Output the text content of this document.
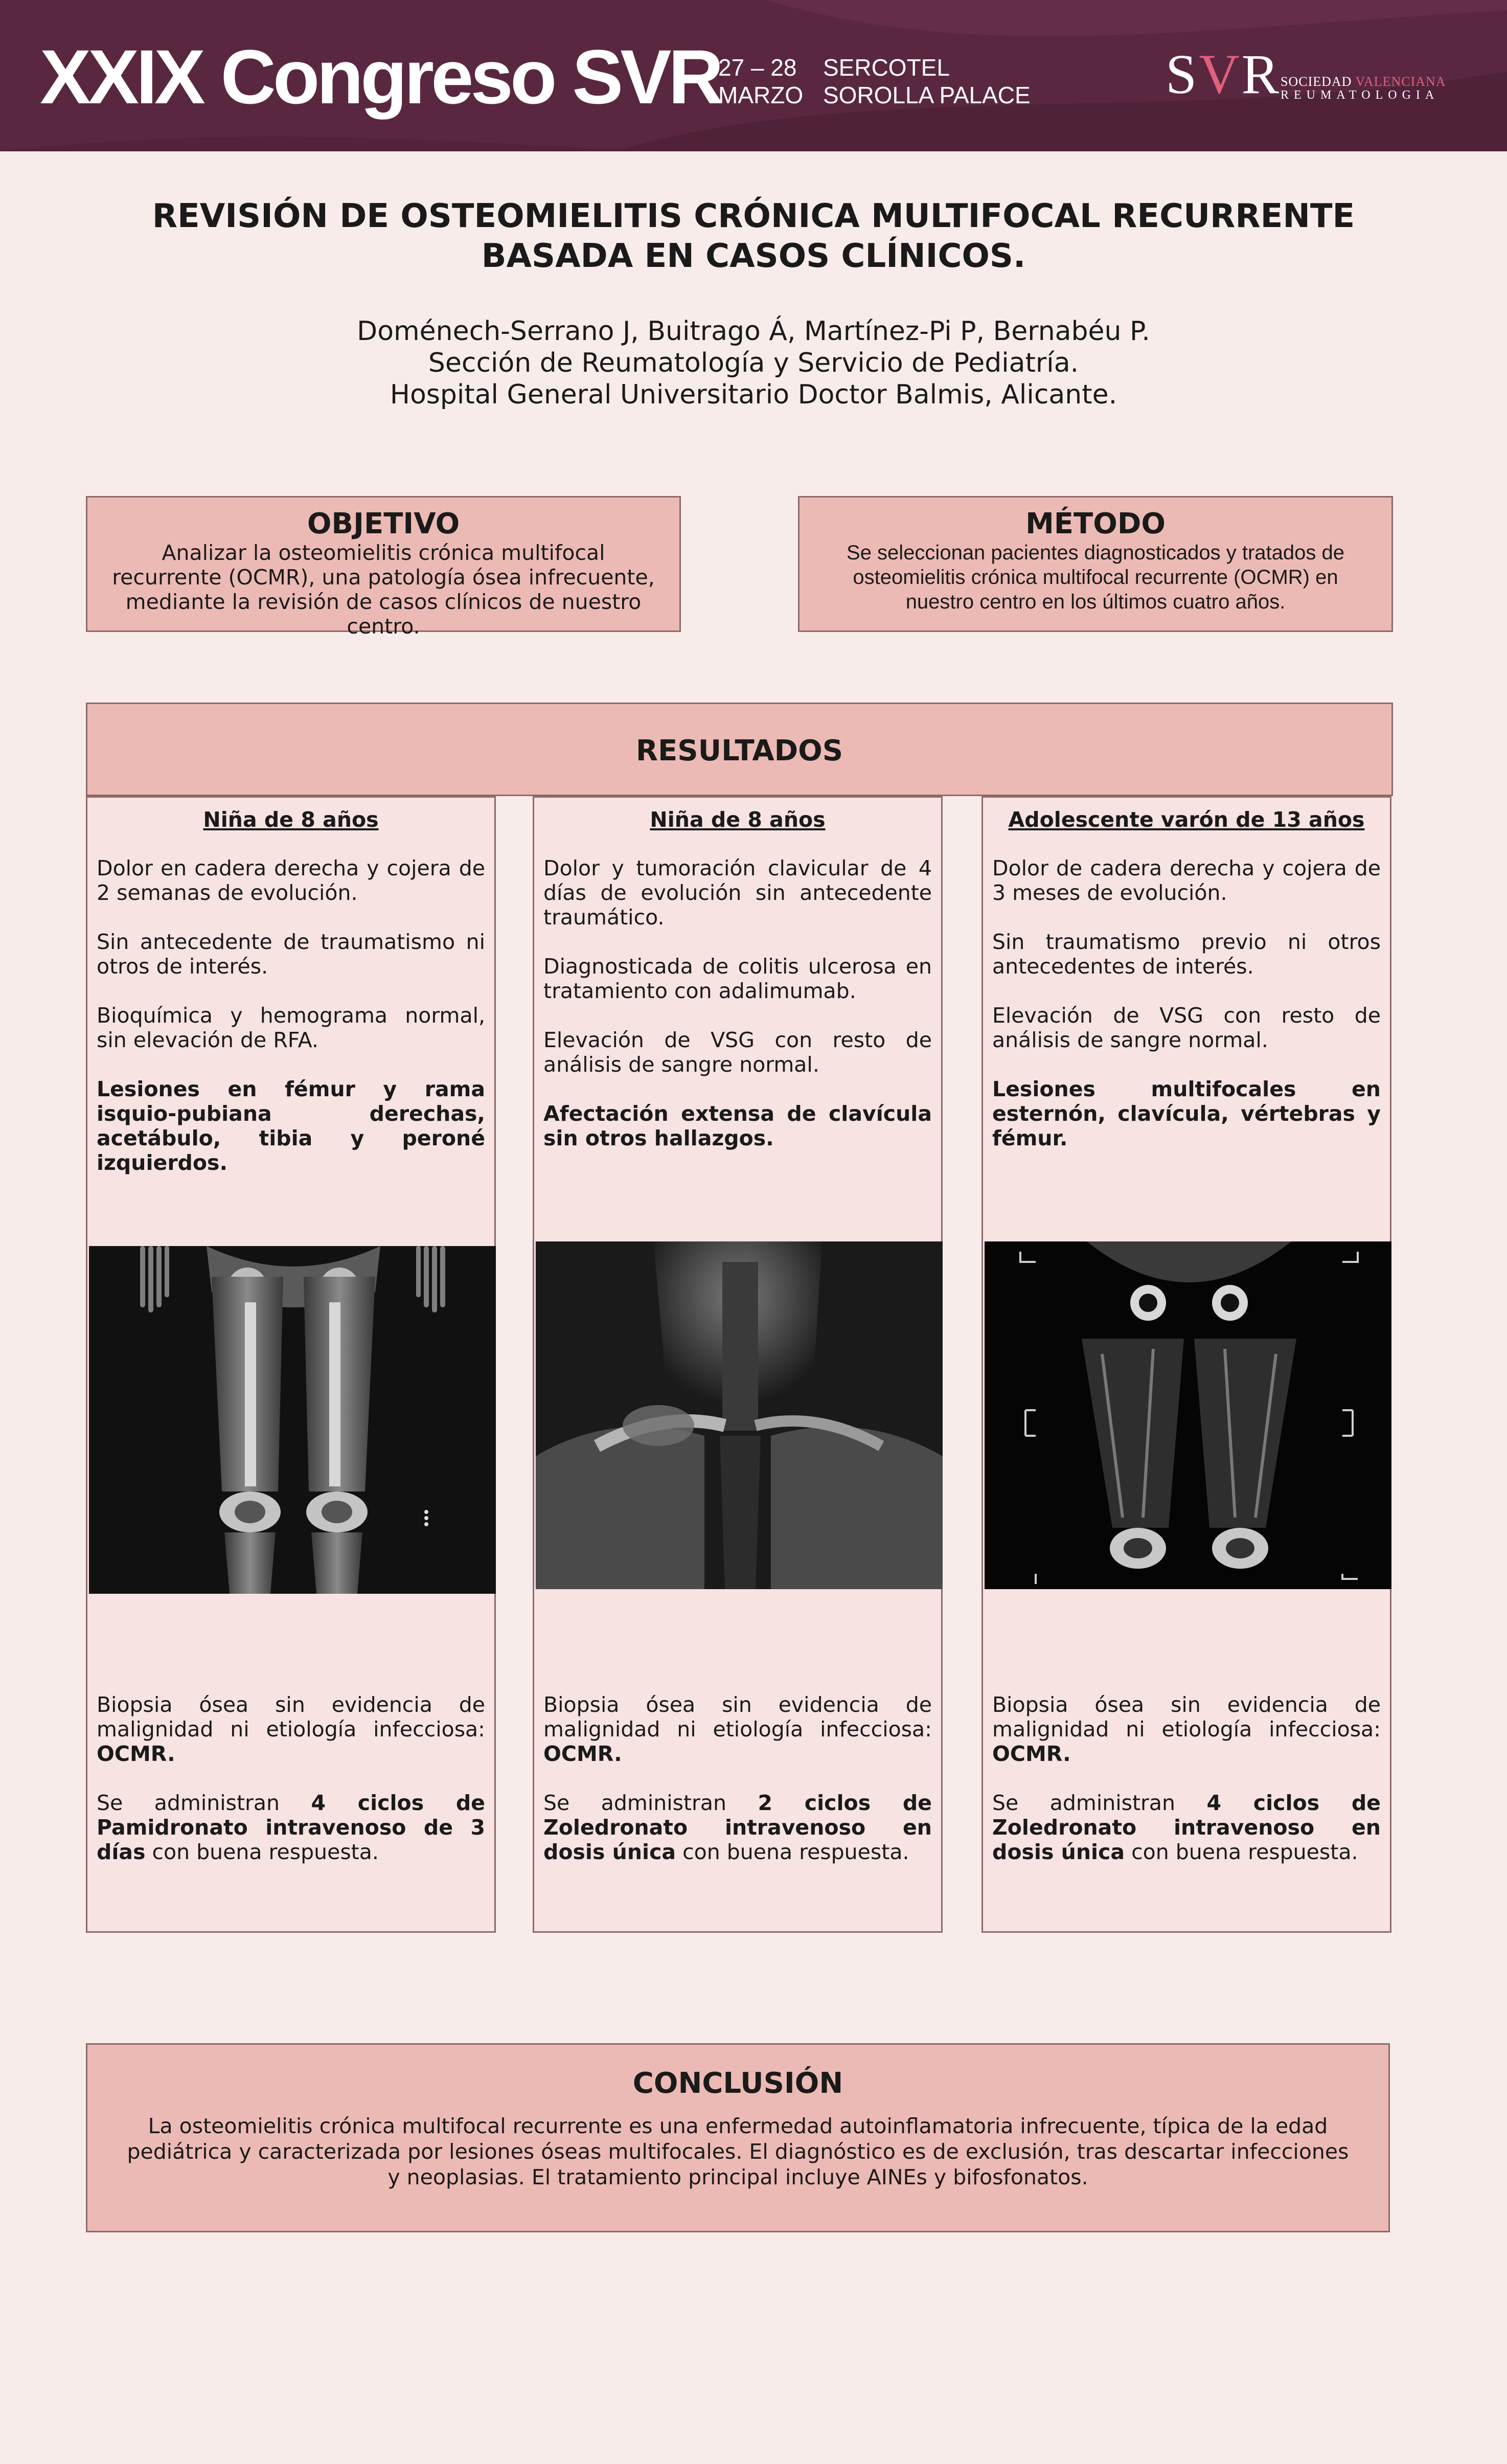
XXIX Congreso SVR
27 – 28
MARZO
SERCOTEL
SOROLLA PALACE SVR
SOCIEDAD VALENCIANA
REUMATOLOGIA
REVISIÓN DE OSTEOMIELITIS CRÓNICA MULTIFOCAL RECURRENTE BASADA EN CASOS CLÍNICOS.
Doménech-Serrano J, Buitrago Á, Martínez-Pi P, Bernabéu P.
Sección de Reumatología y Servicio de Pediatría.
Hospital General Universitario Doctor Balmis, Alicante.
OBJETIVO
Analizar la osteomielitis crónica multifocal recurrente (OCMR), una patología ósea infrecuente, mediante la revisión de casos clínicos de nuestro centro.
MÉTODO
Se seleccionan pacientes diagnosticados y tratados de osteomielitis crónica multifocal recurrente (OCMR) en nuestro centro en los últimos cuatro años.
RESULTADOS
Niña de 8 años

Dolor en cadera derecha y cojera de 2 semanas de evolución.

Sin antecedente de traumatismo ni otros de interés.

Bioquímica y hemograma normal, sin elevación de RFA.

Lesiones en fémur y rama isquio-pubiana derechas, acetábulo, tibia y peroné izquierdos.

Biopsia ósea sin evidencia de malignidad ni etiología infecciosa: OCMR.

Se administran 4 ciclos de Pamidronato intravenoso de 3 días con buena respuesta.

Niña de 8 años

Dolor y tumoración clavicular de 4 días de evolución sin antecedente traumático.

Diagnosticada de colitis ulcerosa en tratamiento con adalimumab.

Elevación de VSG con resto de análisis de sangre normal.

Afectación extensa de clavícula sin otros hallazgos.

Biopsia ósea sin evidencia de malignidad ni etiología infecciosa: OCMR.

Se administran 2 ciclos de Zoledronato intravenoso en dosis única con buena respuesta.

Adolescente varón de 13 años

Dolor de cadera derecha y cojera de 3 meses de evolución.

Sin traumatismo previo ni otros antecedentes de interés.

Elevación de VSG con resto de análisis de sangre normal.

Lesiones multifocales en esternón, clavícula, vértebras y fémur.

Biopsia ósea sin evidencia de malignidad ni etiología infecciosa: OCMR.

Se administran 4 ciclos de Zoledronato intravenoso en dosis única con buena respuesta.

CONCLUSIÓN
La osteomielitis crónica multifocal recurrente es una enfermedad autoinflamatoria infrecuente, típica de la edad pediátrica y caracterizada por lesiones óseas multifocales. El diagnóstico es de exclusión, tras descartar infecciones y neoplasias. El tratamiento principal incluye AINEs y bifosfonatos.
